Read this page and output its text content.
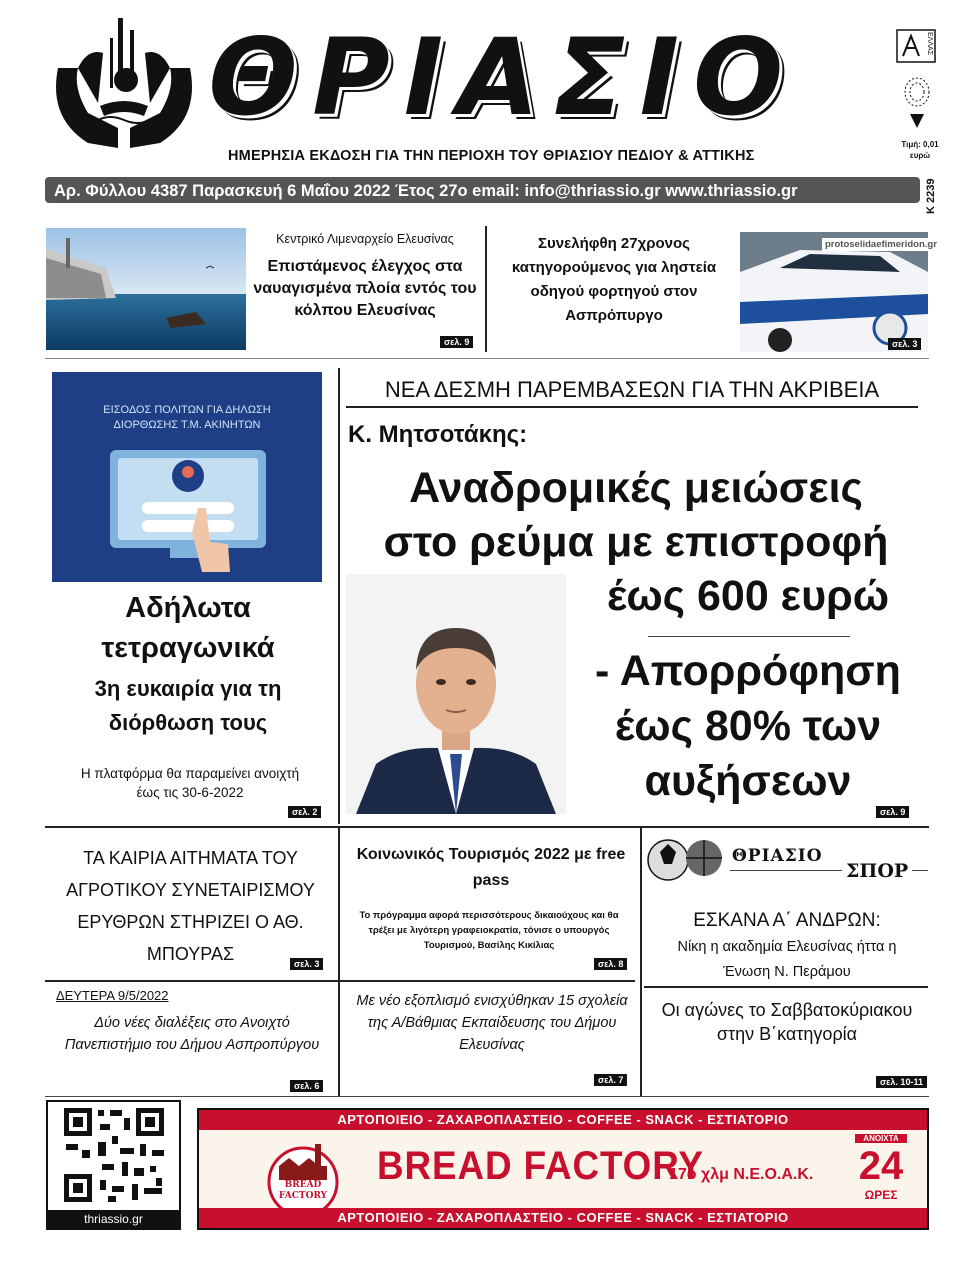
ΘΡΙΑΣΙΟ
ΗΜΕΡΗΣΙΑ ΕΚΔΟΣΗ ΓΙΑ ΤΗΝ ΠΕΡΙΟΧΗ ΤΟΥ ΘΡΙΑΣΙΟΥ ΠΕΔΙΟΥ & ΑΤΤΙΚΗΣ
ΕΛΛΑΣ
Τιμή: 0,01
ευρώ
Κ 2239
Αρ. Φύλλου 4387 Παρασκευή 6 Μαΐου 2022 Έτος 27ο email: info@thriassio.gr www.thriassio.gr
Κεντρικό Λιμεναρχείο Ελευσίνας
Επιστάμενος έλεγχος στα ναυαγισμένα πλοία εντός του κόλπου Ελευσίνας
σελ. 9
Συνελήφθη 27χρονος κατηγορούμενος για ληστεία οδηγού φορτηγού στον Ασπρόπυργο
protoselidaefimeridon.gr
σελ. 3
ΕΙΣΟΔΟΣ ΠΟΛΙΤΩΝ ΓΙΑ ΔΗΛΩΣΗ
ΔΙΟΡΘΩΣΗΣ Τ.Μ. ΑΚΙΝΗΤΩΝ
Αδήλωτα τετραγωνικά
3η ευκαιρία για τη διόρθωση τους
Η πλατφόρμα θα παραμείνει ανοιχτή έως τις 30-6-2022
σελ. 2
ΝΕΑ ΔΕΣΜΗ ΠΑΡΕΜΒΑΣΕΩΝ ΓΙΑ ΤΗΝ ΑΚΡΙΒΕΙΑ
Κ. Μητσοτάκης:
Αναδρομικές μειώσεις
στο ρεύμα με επιστροφή
έως 600 ευρώ
- Απορρόφηση
έως 80% των
αυξήσεων
σελ. 9
ΤΑ ΚΑΙΡΙΑ ΑΙΤΗΜΑΤΑ ΤΟΥ ΑΓΡΟΤΙΚΟΥ ΣΥΝΕΤΑΙΡΙΣΜΟΥ ΕΡΥΘΡΩΝ ΣΤΗΡΙΖΕΙ Ο ΑΘ. ΜΠΟΥΡΑΣ	σελ. 3
Κοινωνικός Τουρισμός 2022 με free pass
Το πρόγραμμα αφορά περισσότερους δικαιούχους και θα τρέξει με λιγότερη γραφειοκρατία, τόνισε ο υπουργός Τουρισμού, Βασίλης Κικίλιας
σελ. 8
ΘΡΙΑΣΙΟ
ΣΠΟΡ
ΕΣΚΑΝΑ Α΄ ΑΝΔΡΩΝ:
Νίκη η ακαδημία Ελευσίνας ήττα η Ένωση Ν. Περάμου
ΔΕΥΤΕΡΑ 9/5/2022
Δύο νέες διαλέξεις στο Ανοιχτό Πανεπιστήμιο του Δήμου Ασπροπύργου
σελ. 6
Με νέο εξοπλισμό ενισχύθηκαν 15 σχολεία της Α/Βάθμιας Εκπαίδευσης του Δήμου Ελευσίνας
σελ. 7
Οι αγώνες το Σαββατοκύριακου στην Β΄κατηγορία
σελ. 10-11
thriassio.gr
ΑΡΤΟΠΟΙΕΙΟ - ΖΑΧΑΡΟΠΛΑΣΤΕΙΟ - COFFEE - SNACK - ΕΣΤΙΑΤΟΡΙΟ
ΑΡΤΟΠΟΙΕΙΟ - ΖΑΧΑΡΟΠΛΑΣΤΕΙΟ - COFFEE - SNACK - ΕΣΤΙΑΤΟΡΙΟ
BREAD
FACTORY
BREAD FACTORY
17ο χλμ Ν.Ε.Ο.Α.Κ.
ΑΝΟΙΧΤΑ
24
ΩΡΕΣ
